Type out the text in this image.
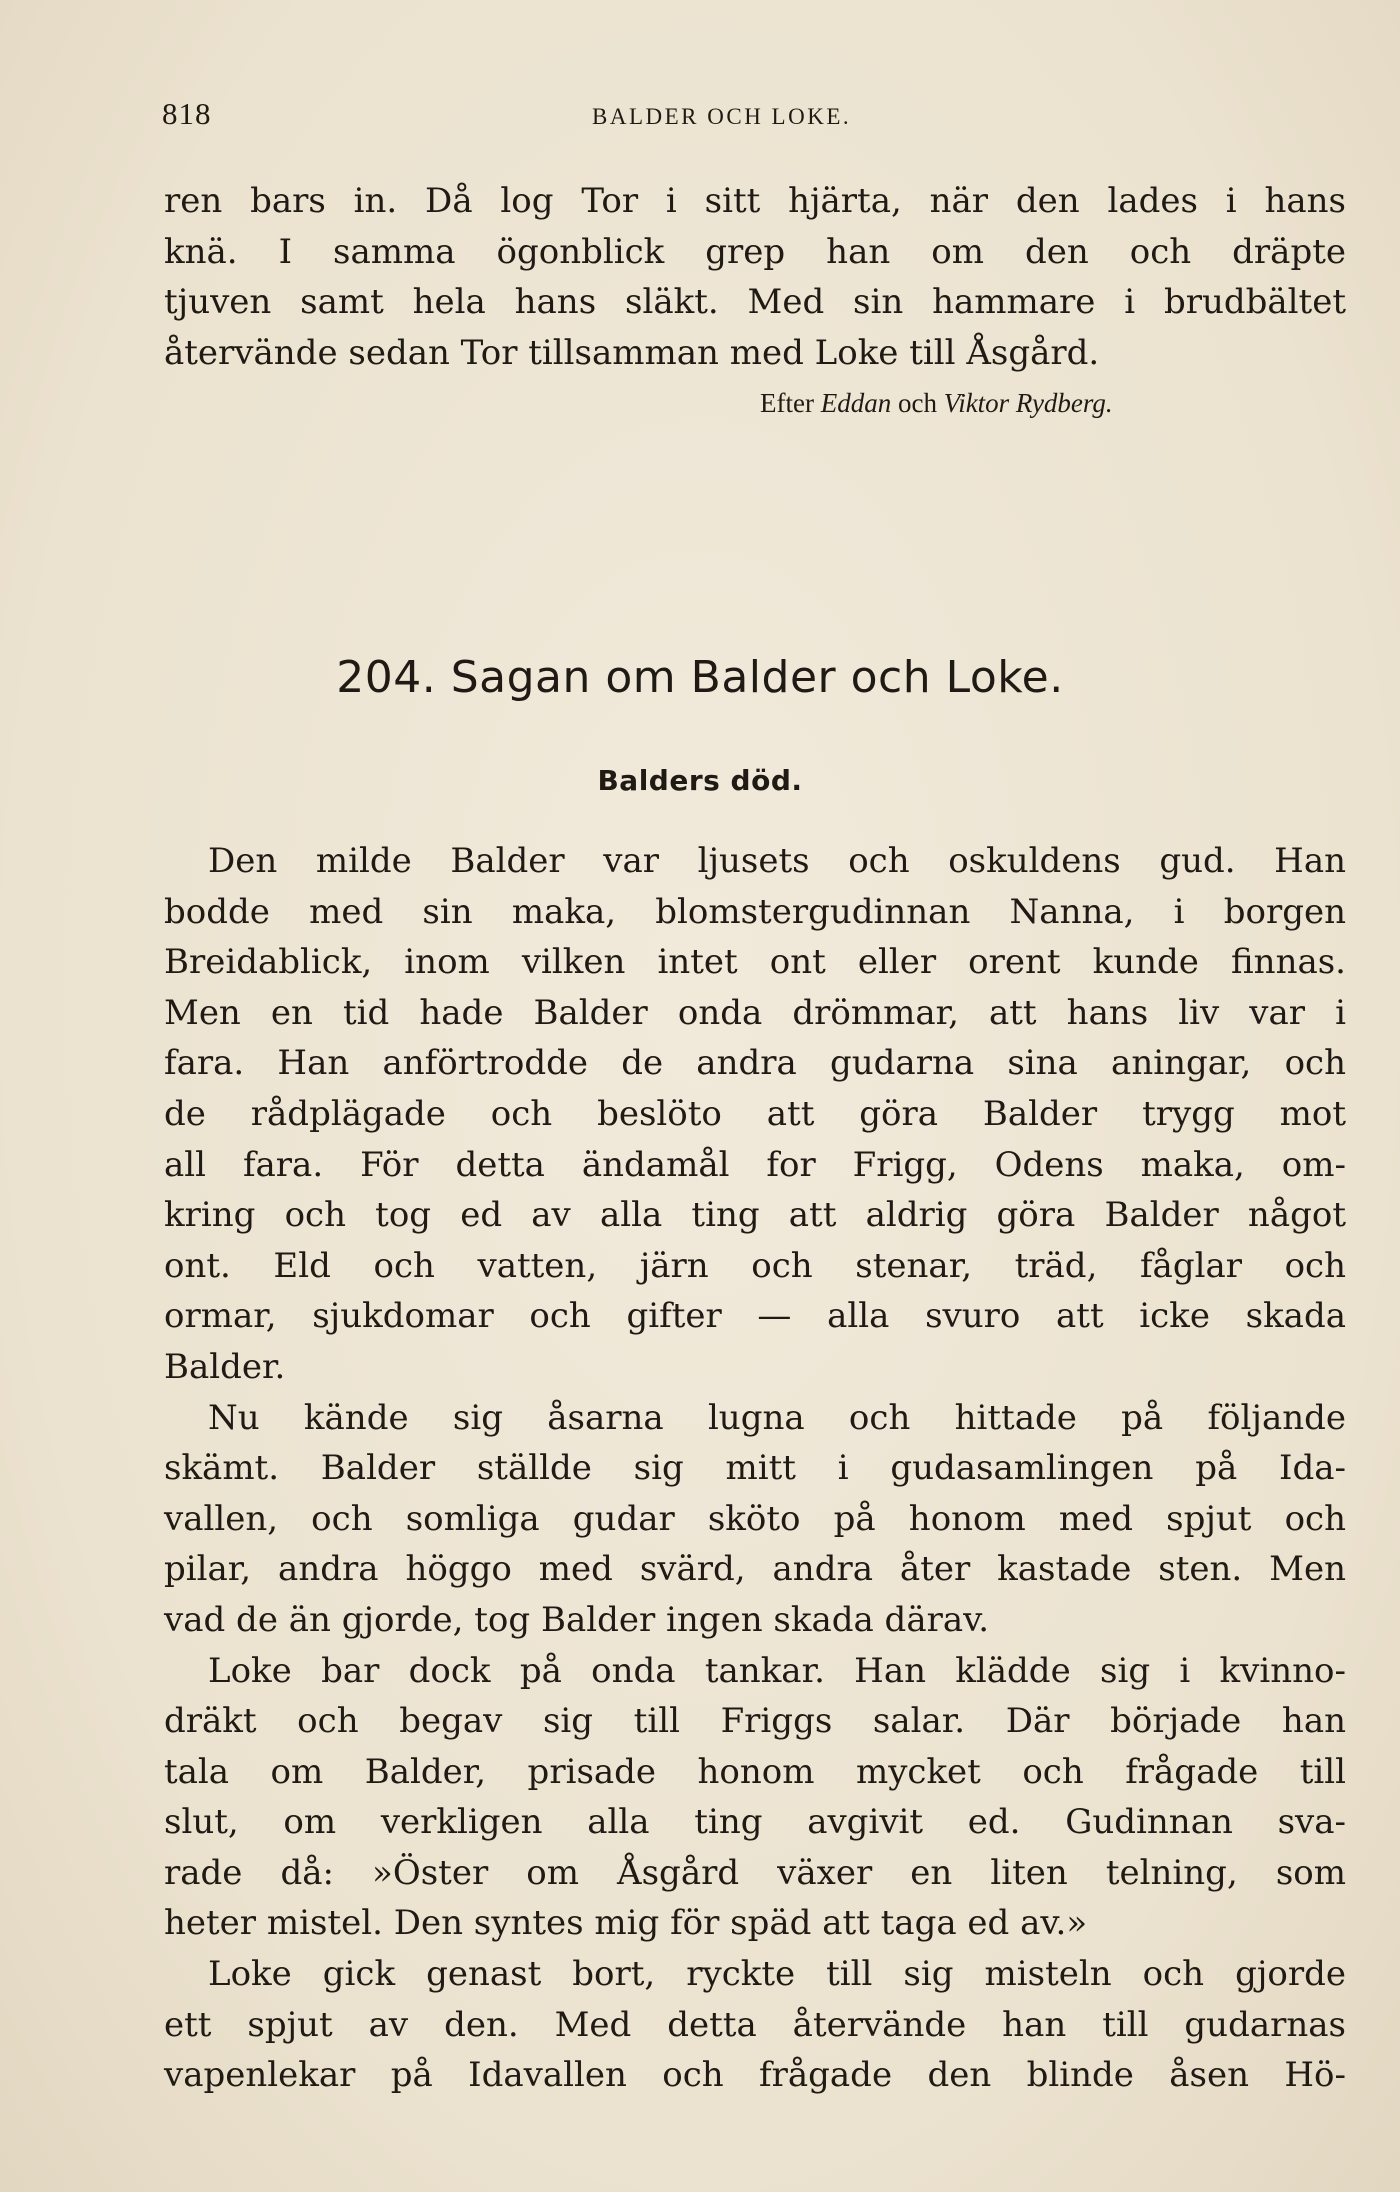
818	BALDER OCH LOKE.
ren bars in. Då log Tor i sitt hjärta, när den lades i hans
knä. I samma ögonblick grep han om den och dräpte
tjuven samt hela hans släkt. Med sin hammare i brudbältet
återvände sedan Tor tillsamman med Loke till Åsgård.
Efter Eddan och Viktor Rydberg.
204. Sagan om Balder och Loke.
Balders död.
Den milde Balder var ljusets och oskuldens gud. Han
bodde med sin maka, blomstergudinnan Nanna, i borgen
Breidablick, inom vilken intet ont eller orent kunde finnas.
Men en tid hade Balder onda drömmar, att hans liv var i
fara. Han anförtrodde de andra gudarna sina aningar, och
de rådplägade och beslöto att göra Balder trygg mot
all fara. För detta ändamål for Frigg, Odens maka, om-
kring och tog ed av alla ting att aldrig göra Balder något
ont. Eld och vatten, järn och stenar, träd, fåglar och
ormar, sjukdomar och gifter — alla svuro att icke skada
Balder.
Nu kände sig åsarna lugna och hittade på följande
skämt. Balder ställde sig mitt i gudasamlingen på Ida-
vallen, och somliga gudar sköto på honom med spjut och
pilar, andra höggo med svärd, andra åter kastade sten. Men
vad de än gjorde, tog Balder ingen skada därav.
Loke bar dock på onda tankar. Han klädde sig i kvinno-
dräkt och begav sig till Friggs salar. Där började han
tala om Balder, prisade honom mycket och frågade till
slut, om verkligen alla ting avgivit ed. Gudinnan sva-
rade då: »Öster om Åsgård växer en liten telning, som
heter mistel. Den syntes mig för späd att taga ed av.»
Loke gick genast bort, ryckte till sig misteln och gjorde
ett spjut av den. Med detta återvände han till gudarnas
vapenlekar på Idavallen och frågade den blinde åsen Hö-
